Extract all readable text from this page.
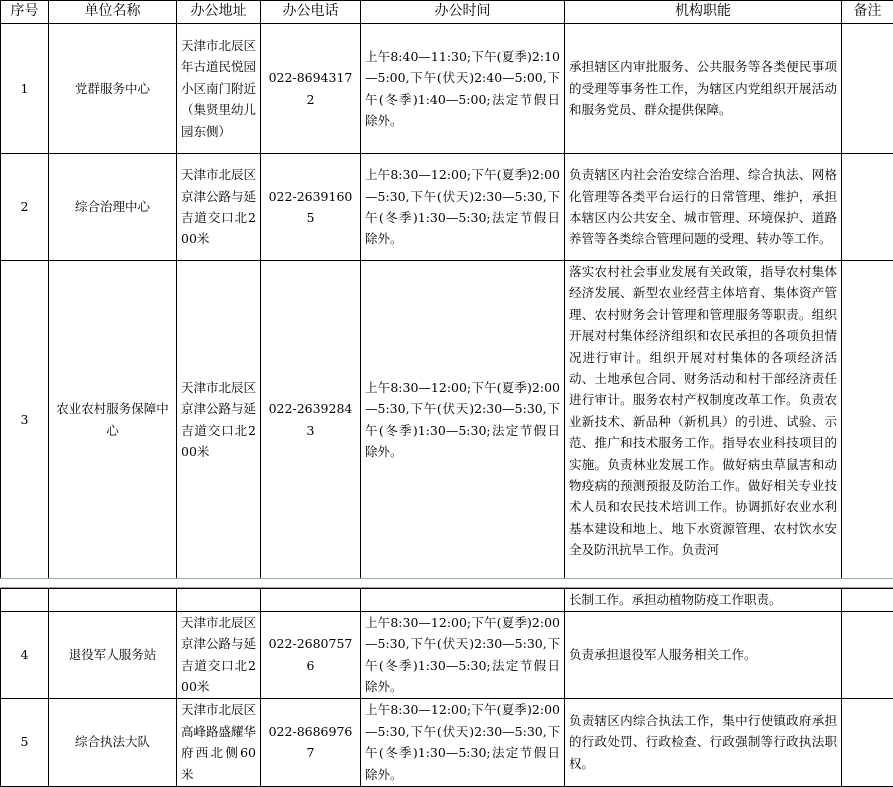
序号	单位名称	办公地址	办公电话	办公时间	机构职能	备注
1	党群服务中心	天津市北辰区年古道民悦园小区南门附近（集贤里幼儿园东侧）	022-86943172	上午8:40—11:30;下午(夏季)2:10—5:00,下午(伏天)2:40—5:00,下午(冬季)1:40—5:00;法定节假日除外。	承担辖区内审批服务、公共服务等各类便民事项的受理等事务性工作，为辖区内党组织开展活动和服务党员、群众提供保障。	
2	综合治理中心	天津市北辰区京津公路与延吉道交口北200米	022-26391605	上午8:30—12:00;下午(夏季)2:00—5:30,下午(伏天)2:30—5:30,下午(冬季)1:30—5:30;法定节假日除外。	负责辖区内社会治安综合治理、综合执法、网格化管理等各类平台运行的日常管理、维护，承担本辖区内公共安全、城市管理、环境保护、道路养管等各类综合管理问题的受理、转办等工作。	
3	农业农村服务保障中心	天津市北辰区京津公路与延吉道交口北200米	022-26392843	上午8:30—12:00;下午(夏季)2:00—5:30,下午(伏天)2:30—5:30,下午(冬季)1:30—5:30;法定节假日除外。	落实农村社会事业发展有关政策，指导农村集体经济发展、新型农业经营主体培育、集体资产管理、农村财务会计管理和管理服务等职责。组织开展对村集体经济组织和农民承担的各项负担情况进行审计。组织开展对村集体的各项经济活动、土地承包合同、财务活动和村干部经济责任进行审计。服务农村产权制度改革工作。负责农业新技术、新品种（新机具）的引进、试验、示范、推广和技术服务工作。指导农业科技项目的实施。负责林业发展工作。做好病虫草鼠害和动物疫病的预测预报及防治工作。做好相关专业技术人员和农民技术培训工作。协调抓好农业水利基本建设和地上、地下水资源管理、农村饮水安全及防汛抗旱工作。负责河	
					长制工作。承担动植物防疫工作职责。	
4	退役军人服务站	天津市北辰区京津公路与延吉道交口北200米	022-26807576	上午8:30—12:00;下午(夏季)2:00—5:30,下午(伏天)2:30—5:30,下午(冬季)1:30—5:30;法定节假日除外。	负责承担退役军人服务相关工作。	
5	综合执法大队	天津市北辰区高峰路盛耀华府西北侧60米	022-86869767	上午8:30—12:00;下午(夏季)2:00—5:30,下午(伏天)2:30—5:30,下午(冬季)1:30—5:30;法定节假日除外。	负责辖区内综合执法工作，集中行使镇政府承担的行政处罚、行政检查、行政强制等行政执法职权。	
